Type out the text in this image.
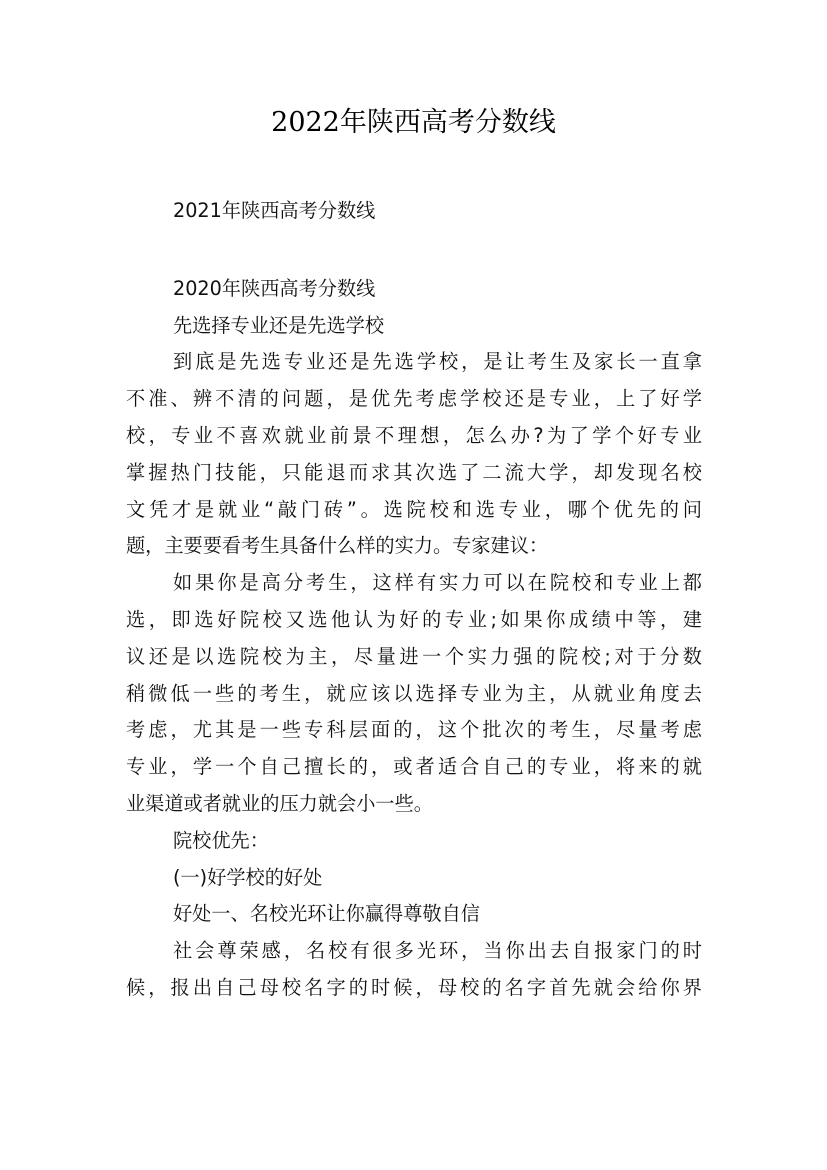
2022年陕西高考分数线
2021年陕西高考分数线
2020年陕西高考分数线
先选择专业还是先选学校
到底是先选专业还是先选学校，是让考生及家长一直拿
不准、辨不清的问题，是优先考虑学校还是专业，上了好学
校，专业不喜欢就业前景不理想，怎么办?为了学个好专业
掌握热门技能，只能退而求其次选了二流大学，却发现名校
文凭才是就业“敲门砖”。选院校和选专业，哪个优先的问
题，主要要看考生具备什么样的实力。专家建议：
如果你是高分考生，这样有实力可以在院校和专业上都
选，即选好院校又选他认为好的专业;如果你成绩中等，建
议还是以选院校为主，尽量进一个实力强的院校;对于分数
稍微低一些的考生，就应该以选择专业为主，从就业角度去
考虑，尤其是一些专科层面的，这个批次的考生，尽量考虑
专业，学一个自己擅长的，或者适合自己的专业，将来的就
业渠道或者就业的压力就会小一些。
院校优先：
(一)好学校的好处
好处一、名校光环让你赢得尊敬自信
社会尊荣感，名校有很多光环，当你出去自报家门的时
候，报出自己母校名字的时候，母校的名字首先就会给你界
